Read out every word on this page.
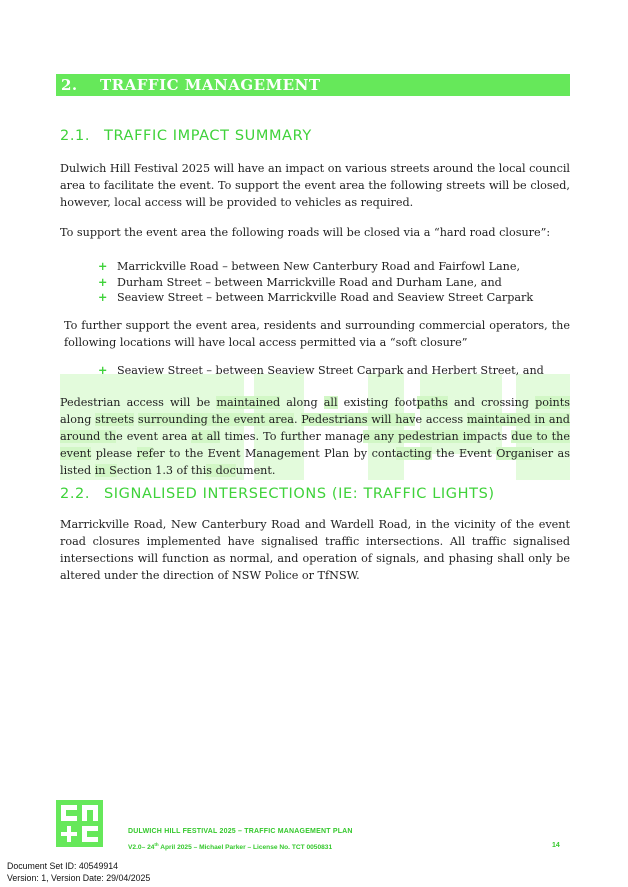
2. TRAFFIC MANAGEMENT
2.1. TRAFFIC IMPACT SUMMARY

Dulwich Hill Festival 2025 will have an impact on various streets around the local council area to facilitate the event. To support the event area the following streets will be closed, however, local access will be provided to vehicles as required.

To support the event area the following roads will be closed via a “hard road closure”:

+ Marrickville Road – between New Canterbury Road and Fairfowl Lane,
+ Durham Street – between Marrickville Road and Durham Lane, and
+ Seaview Street – between Marrickville Road and Seaview Street Carpark

To further support the event area, residents and surrounding commercial operators, the following locations will have local access permitted via a “soft closure”

+ Seaview Street – between Seaview Street Carpark and Herbert Street, and

Pedestrian access will be maintained along all existing footpaths and crossing points along streets surrounding the event area. Pedestrians will have access maintained in and around the event area at all times. To further manage any pedestrian impacts due to the event please refer to the Event Management Plan by contacting the Event Organiser as listed in Section 1.3 of this document.

2.2. SIGNALISED INTERSECTIONS (IE: TRAFFIC LIGHTS)

Marrickville Road, New Canterbury Road and Wardell Road, in the vicinity of the event road closures implemented have signalised traffic intersections. All traffic signalised intersections will function as normal, and operation of signals, and phasing shall only be altered under the direction of NSW Police or TfNSW.

DULWICH HILL FESTIVAL 2025 – TRAFFIC MANAGEMENT PLAN
V2.0– 24th April 2025 – Michael Parker – License No. TCT 0050831	14
Document Set ID: 40549914
Version: 1, Version Date: 29/04/2025
